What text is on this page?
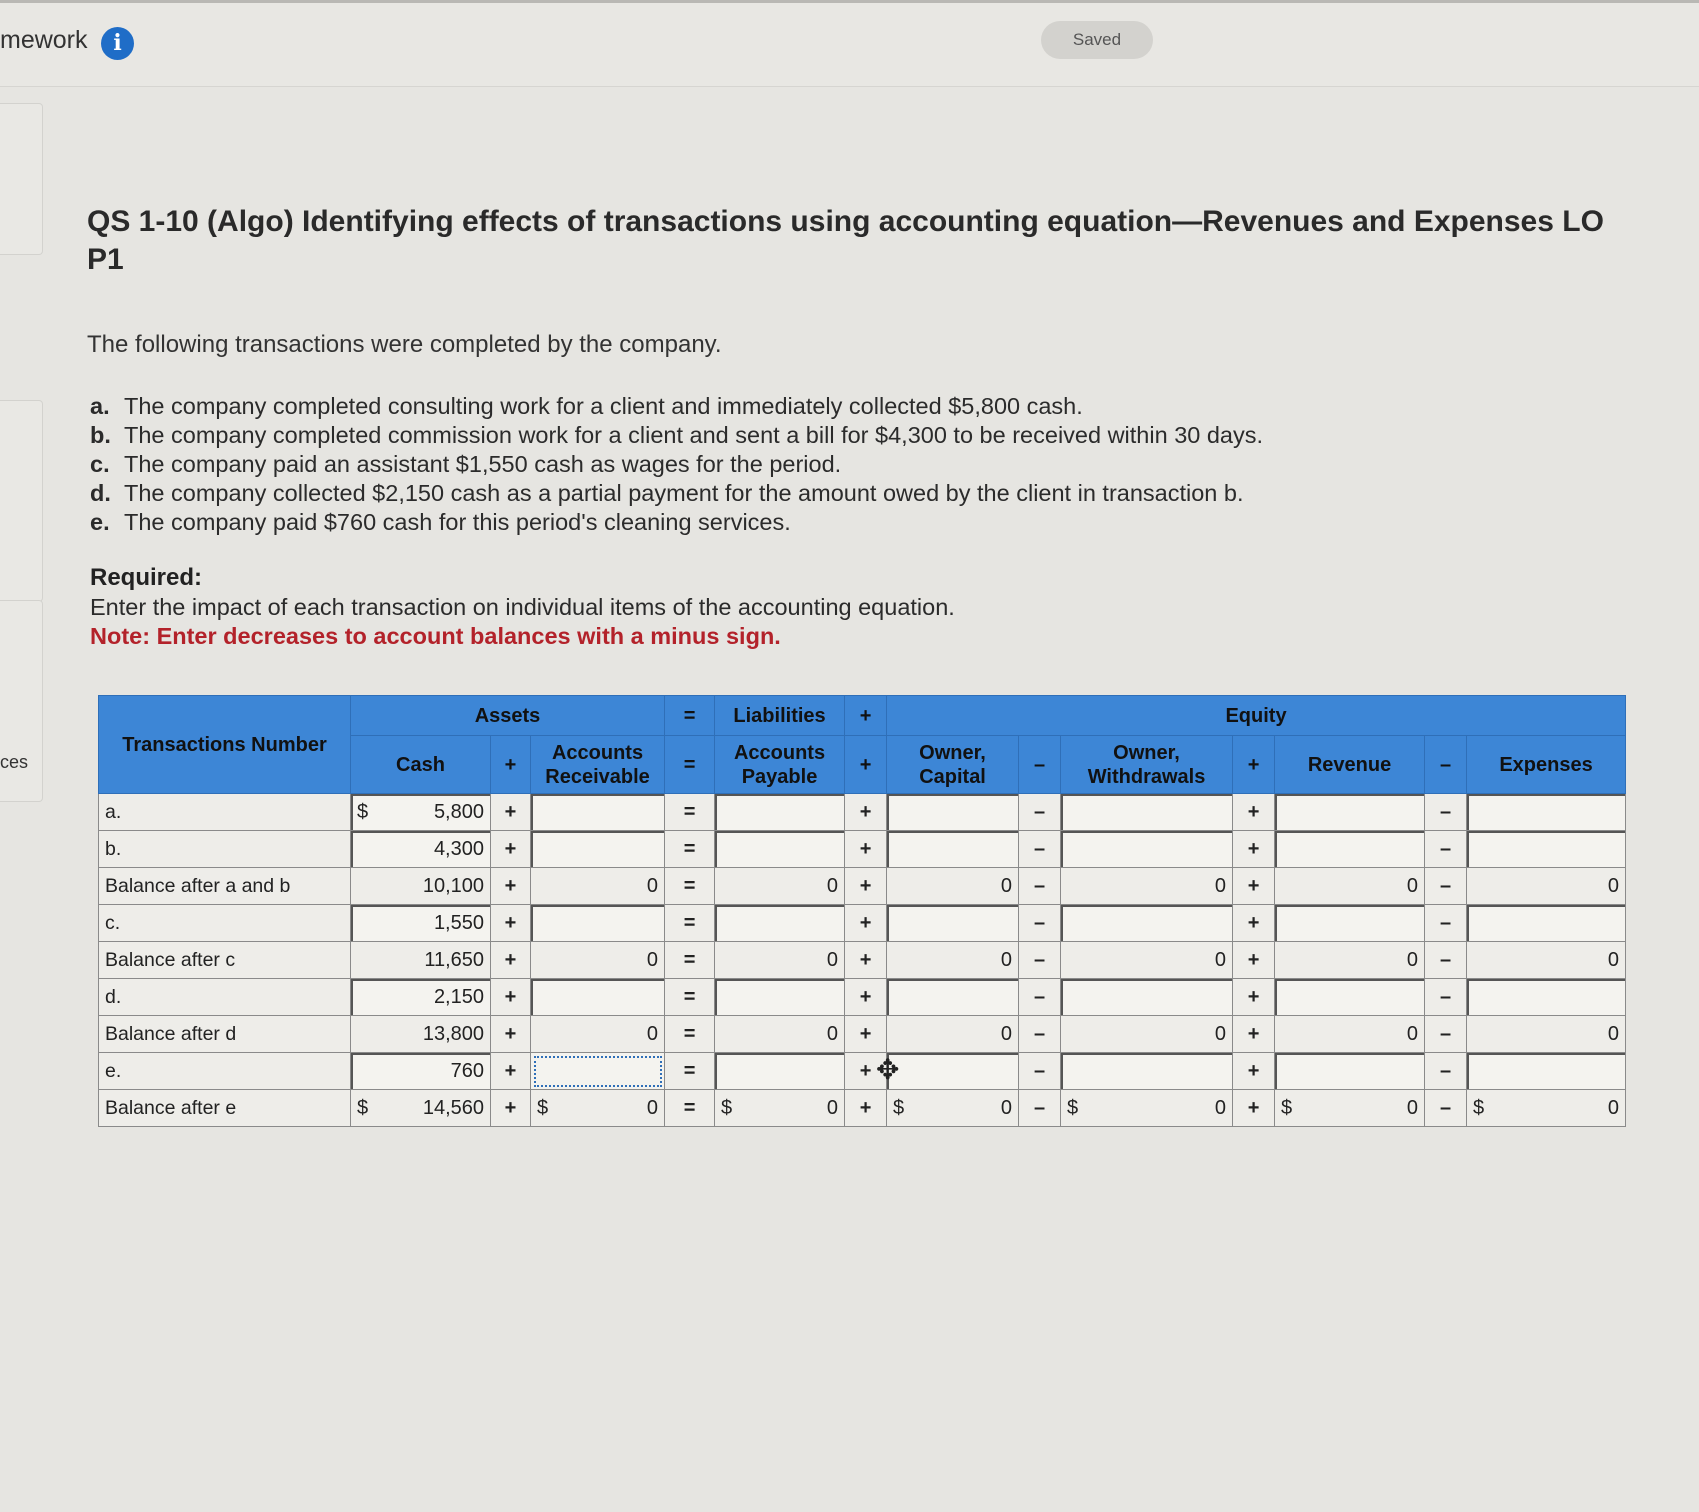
mework	i	Saved
ces
QS 1-10 (Algo) Identifying effects of transactions using accounting equation—Revenues and Expenses LO P1
The following transactions were completed by the company.
a. The company completed consulting work for a client and immediately collected $5,800 cash.
b. The company completed commission work for a client and sent a bill for $4,300 to be received within 30 days.
c. The company paid an assistant $1,550 cash as wages for the period.
d. The company collected $2,150 cash as a partial payment for the amount owed by the client in transaction b.
e. The company paid $760 cash for this period's cleaning services.
Required:
Enter the impact of each transaction on individual items of the accounting equation.
Note: Enter decreases to account balances with a minus sign.
Transactions Number	Assets			=	Liabilities	+	Equity						
	Cash	+	Accounts Receivable	=	Accounts Payable	+	Owner, Capital	–	Owner, Withdrawals	+	Revenue	–	Expenses
a.	$ 5,800	+		=		+		–		+		–	
b.	4,300	+		=		+		–		+		–	
Balance after a and b	10,100	+	0	=	0	+	0	–	0	+	0	–	0
c.	1,550	+		=		+		–		+		–	
Balance after c	11,650	+	0	=	0	+	0	–	0	+	0	–	0
d.	2,150	+		=		+		–		+		–	
Balance after d	13,800	+	0	=	0	+	0	–	0	+	0	–	0
e.	760	+		=		+		–		+		–	
Balance after e	$ 14,560	+	$ 0	=	$ 0	+	$ 0	–	$ 0	+	$ 0	–	$ 0
✥
